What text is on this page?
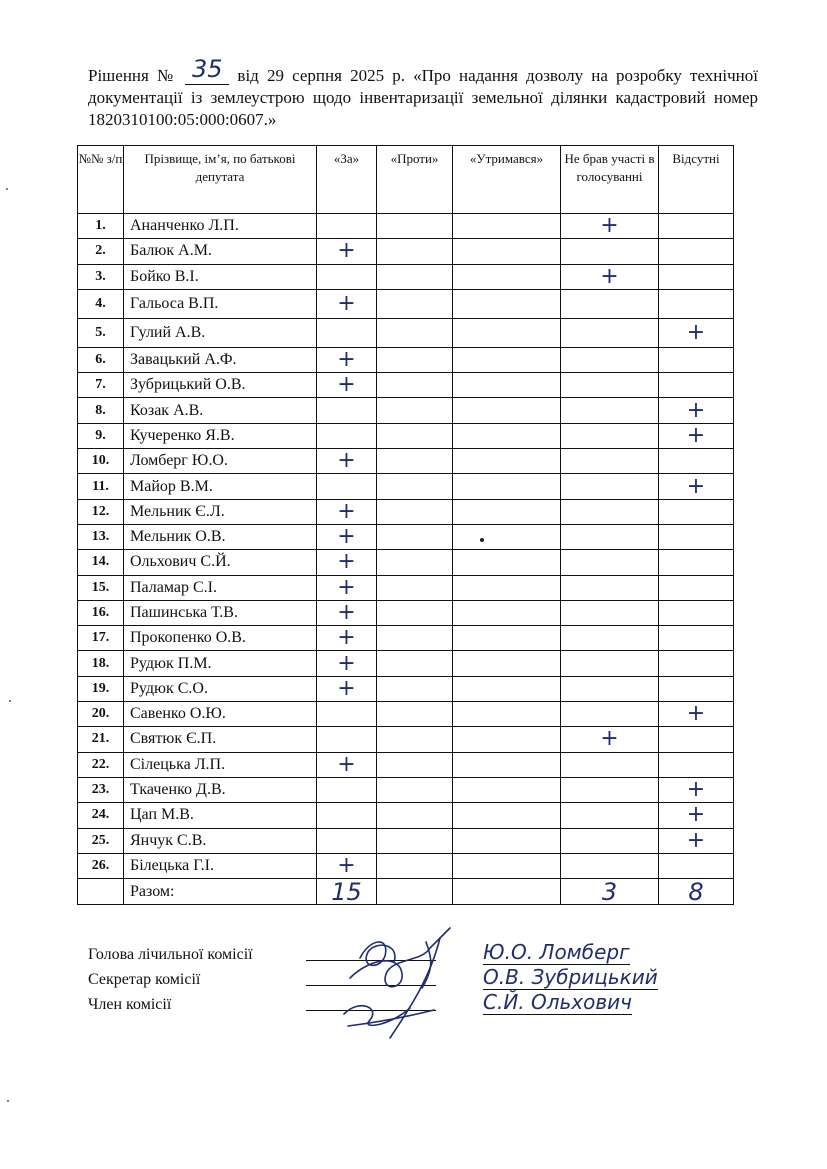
Рішення № 35 від 29 серпня 2025 р. «Про надання дозволу на розробку технічної документації із землеустрою щодо інвентаризації земельної ділянки кадастровий номер 1820310100:05:000:0607.»
№№ з/п	Прізвище, ім’я, по батькові депутата	«За»	«Проти»	«Утримався»	Не брав участі в голосуванні	Відсутні
1.	Ананченко Л.П.				+	
2.	Балюк А.М.	+				
3.	Бойко В.І.				+	
4.	Гальоса В.П.	+				
5.	Гулий А.В.					+
6.	Завацький А.Ф.	+				
7.	Зубрицький О.В.	+				
8.	Козак А.В.					+
9.	Кучеренко Я.В.					+
10.	Ломберг Ю.О.	+				
11.	Майор В.М.					+
12.	Мельник Є.Л.	+				
13.	Мельник О.В.	+				
14.	Ольхович С.Й.	+				
15.	Паламар С.І.	+				
16.	Пашинська Т.В.	+				
17.	Прокопенко О.В.	+				
18.	Рудюк П.М.	+				
19.	Рудюк С.О.	+				
20.	Савенко О.Ю.					+
21.	Святюк Є.П.				+	
22.	Сілецька Л.П.	+				
23.	Ткаченко Д.В.					+
24.	Цап М.В.					+
25.	Янчук С.В.					+
26.	Білецька Г.І.	+				
	Разом:	15			3	8
Голова лічильної комісії	Ю.О. Ломберг
Секретар комісії	О.В. Зубрицький
Член комісії	С.Й. Ольхович
